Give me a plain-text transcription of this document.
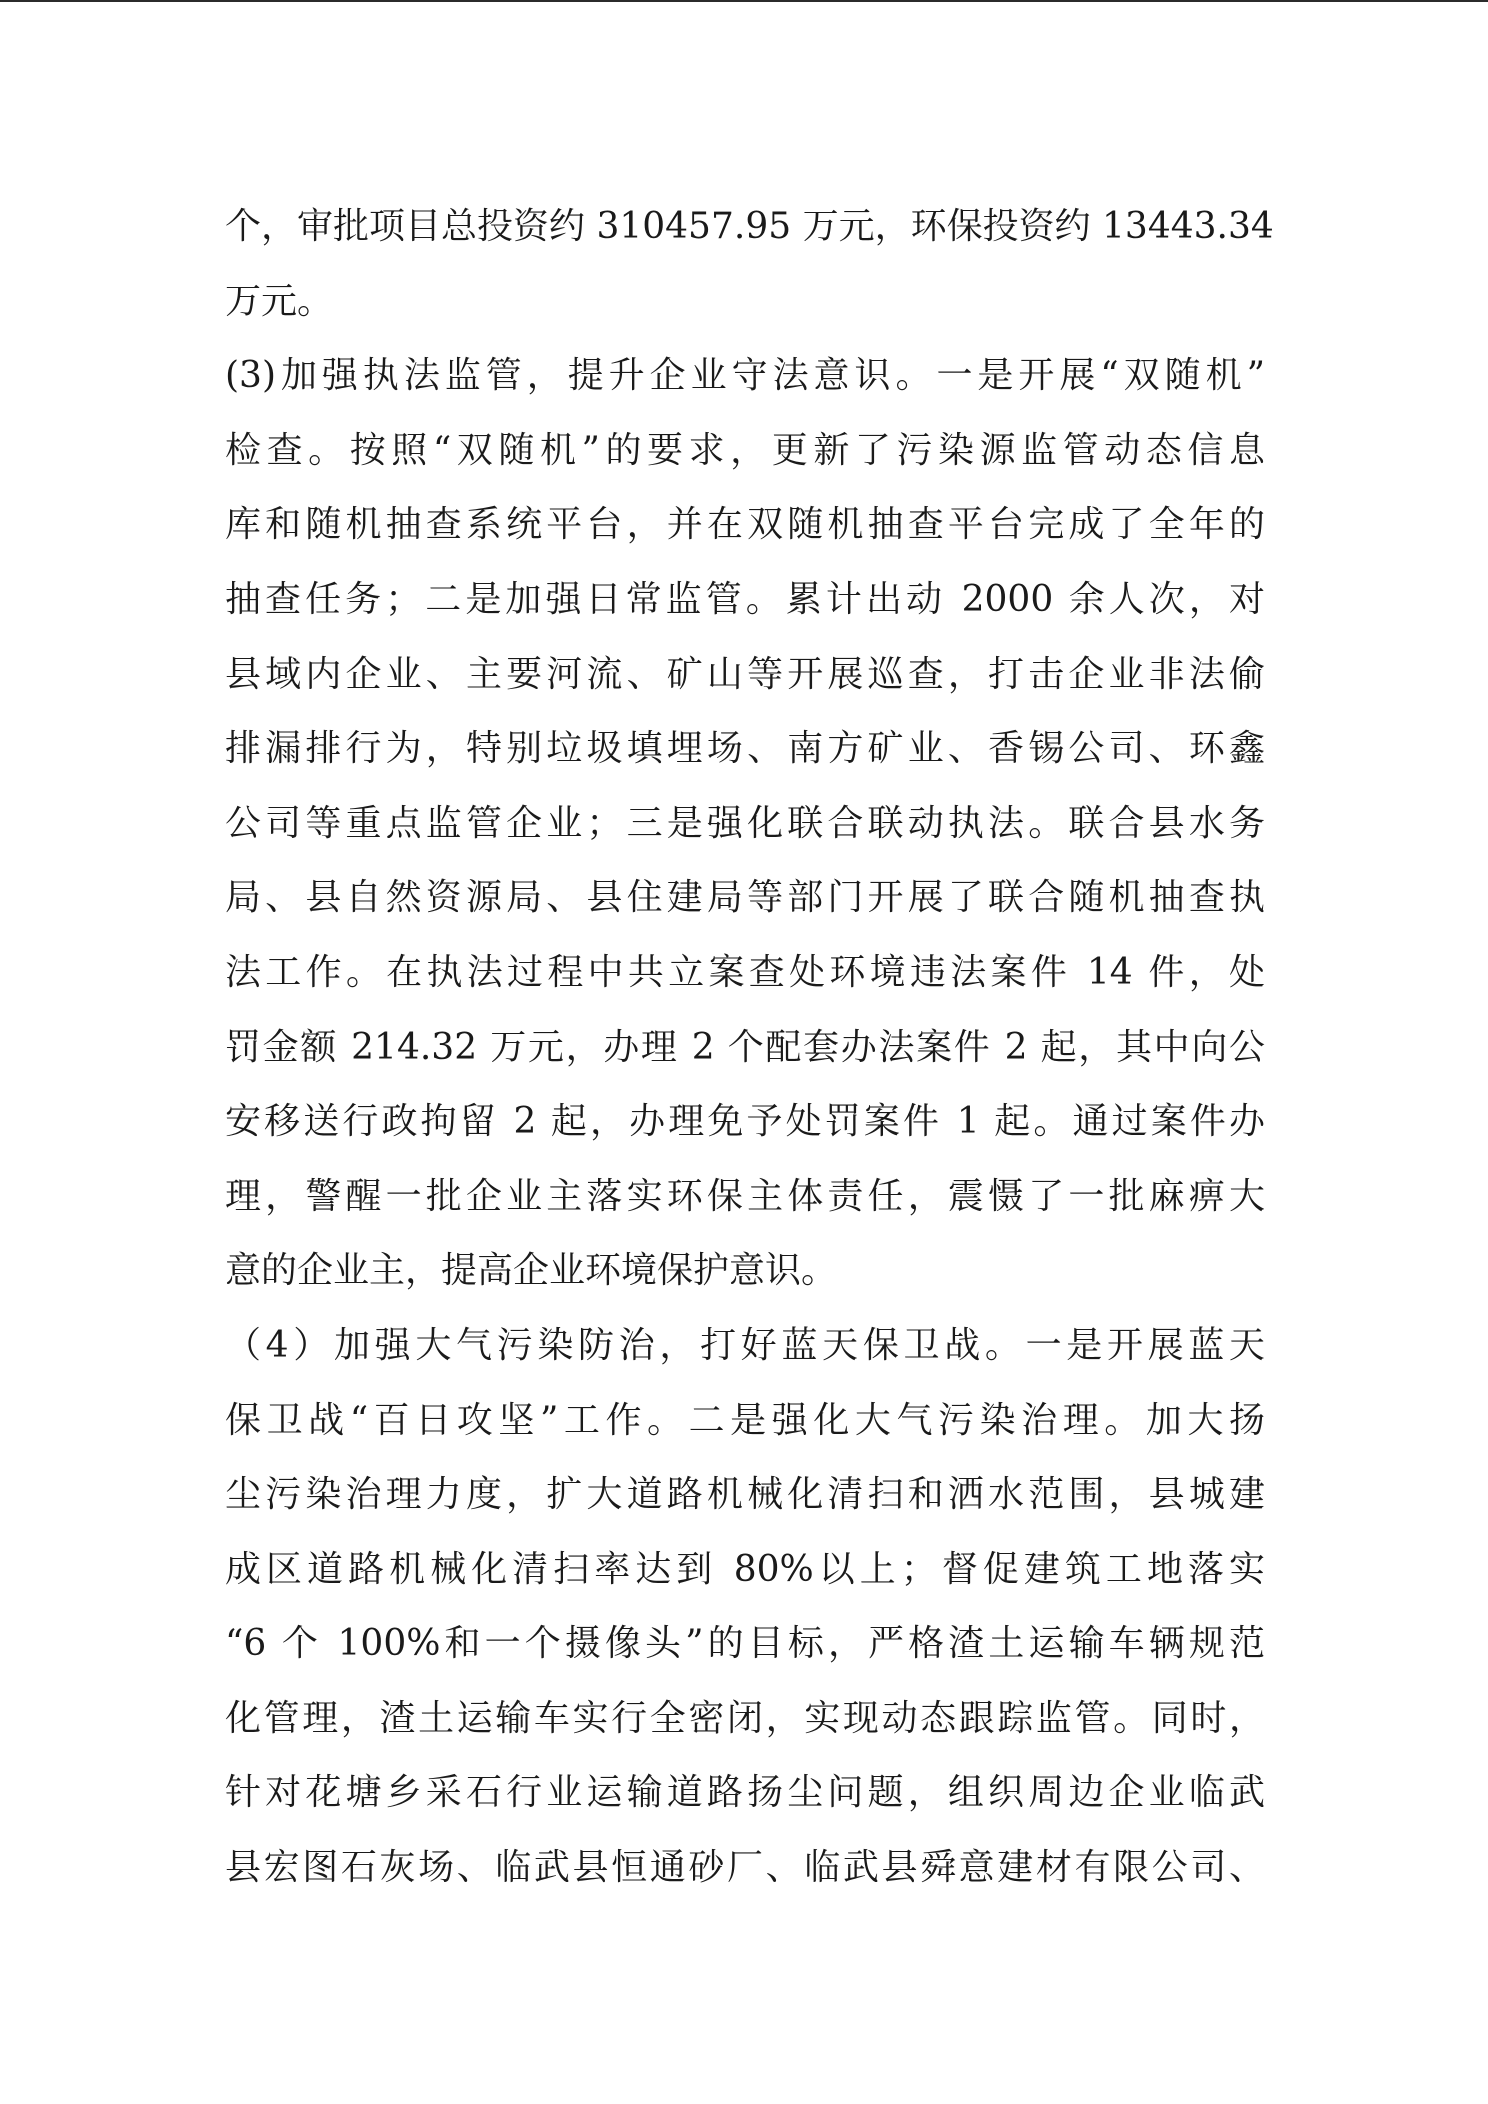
个，审批项目总投资约 310457.95 万元，环保投资约 13443.34
万元。
(3)加强执法监管，提升企业守法意识。一是开展“双随机”
检查。按照“双随机”的要求，更新了污染源监管动态信息
库和随机抽查系统平台，并在双随机抽查平台完成了全年的
抽查任务；二是加强日常监管。累计出动 2000 余人次，对
县域内企业、主要河流、矿山等开展巡查，打击企业非法偷
排漏排行为，特别垃圾填埋场、南方矿业、香锡公司、环鑫
公司等重点监管企业；三是强化联合联动执法。联合县水务
局、县自然资源局、县住建局等部门开展了联合随机抽查执
法工作。在执法过程中共立案查处环境违法案件 14 件，处
罚金额 214.32 万元，办理 2 个配套办法案件 2 起，其中向公
安移送行政拘留 2 起，办理免予处罚案件 1 起。通过案件办
理，警醒一批企业主落实环保主体责任，震慑了一批麻痹大
意的企业主，提高企业环境保护意识。
（4）加强大气污染防治，打好蓝天保卫战。一是开展蓝天
保卫战“百日攻坚”工作。二是强化大气污染治理。加大扬
尘污染治理力度，扩大道路机械化清扫和洒水范围，县城建
成区道路机械化清扫率达到 80%以上；督促建筑工地落实
“6 个 100%和一个摄像头”的目标，严格渣土运输车辆规范
化管理，渣土运输车实行全密闭，实现动态跟踪监管。同时，
针对花塘乡采石行业运输道路扬尘问题，组织周边企业临武
县宏图石灰场、临武县恒通砂厂、临武县舜意建材有限公司、
